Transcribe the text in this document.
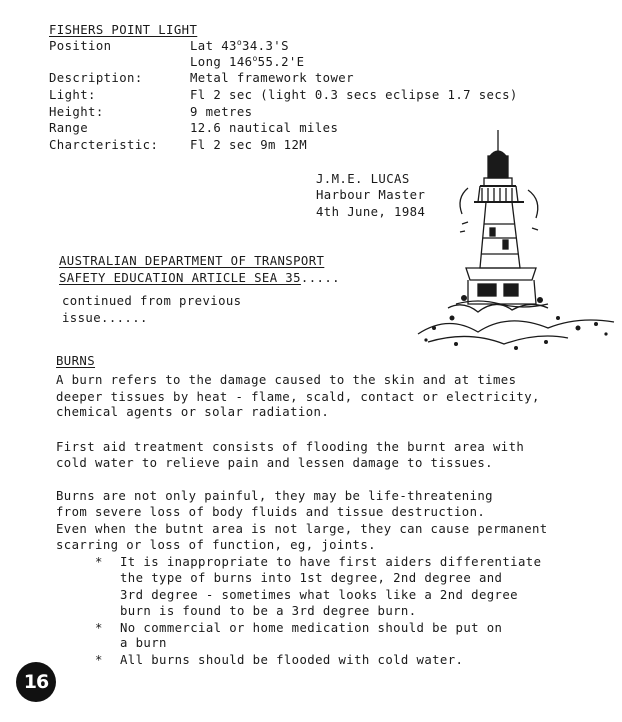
FISHERS POINT LIGHT
Position
Description:
Light:
Height:
Range
Charcteristic:
Lat 43$^o$34.3'S
Long 146$^o$55.2'E
Metal framework tower
Fl 2 sec (light 0.3 secs eclipse 1.7 secs)
9 metres
12.6 nautical miles
Fl 2 sec 9m 12M
J.M.E. LUCAS
Harbour Master
4th June, 1984
AUSTRALIAN DEPARTMENT OF TRANSPORT
SAFETY EDUCATION ARTICLE SEA 35.....
continued from previous
issue......
BURNS
A burn refers to the damage caused to the skin and at times
deeper tissues by heat - flame, scald, contact or electricity,
chemical agents or solar radiation.
First aid treatment consists of flooding the burnt area with
cold water to relieve pain and lessen damage to tissues.
Burns are not only painful, they may be life-threatening
from severe loss of body fluids and tissue destruction.
Even when the butnt area is not large, they can cause permanent
scarring or loss of function, eg, joints.
* It is inappropriate to have first aiders differentiate
the type of burns into 1st degree, 2nd degree and
3rd degree - sometimes what looks like a 2nd degree
burn is found to be a 3rd degree burn.
* No commercial or home medication should be put on
a burn
* All burns should be flooded with cold water.
16
